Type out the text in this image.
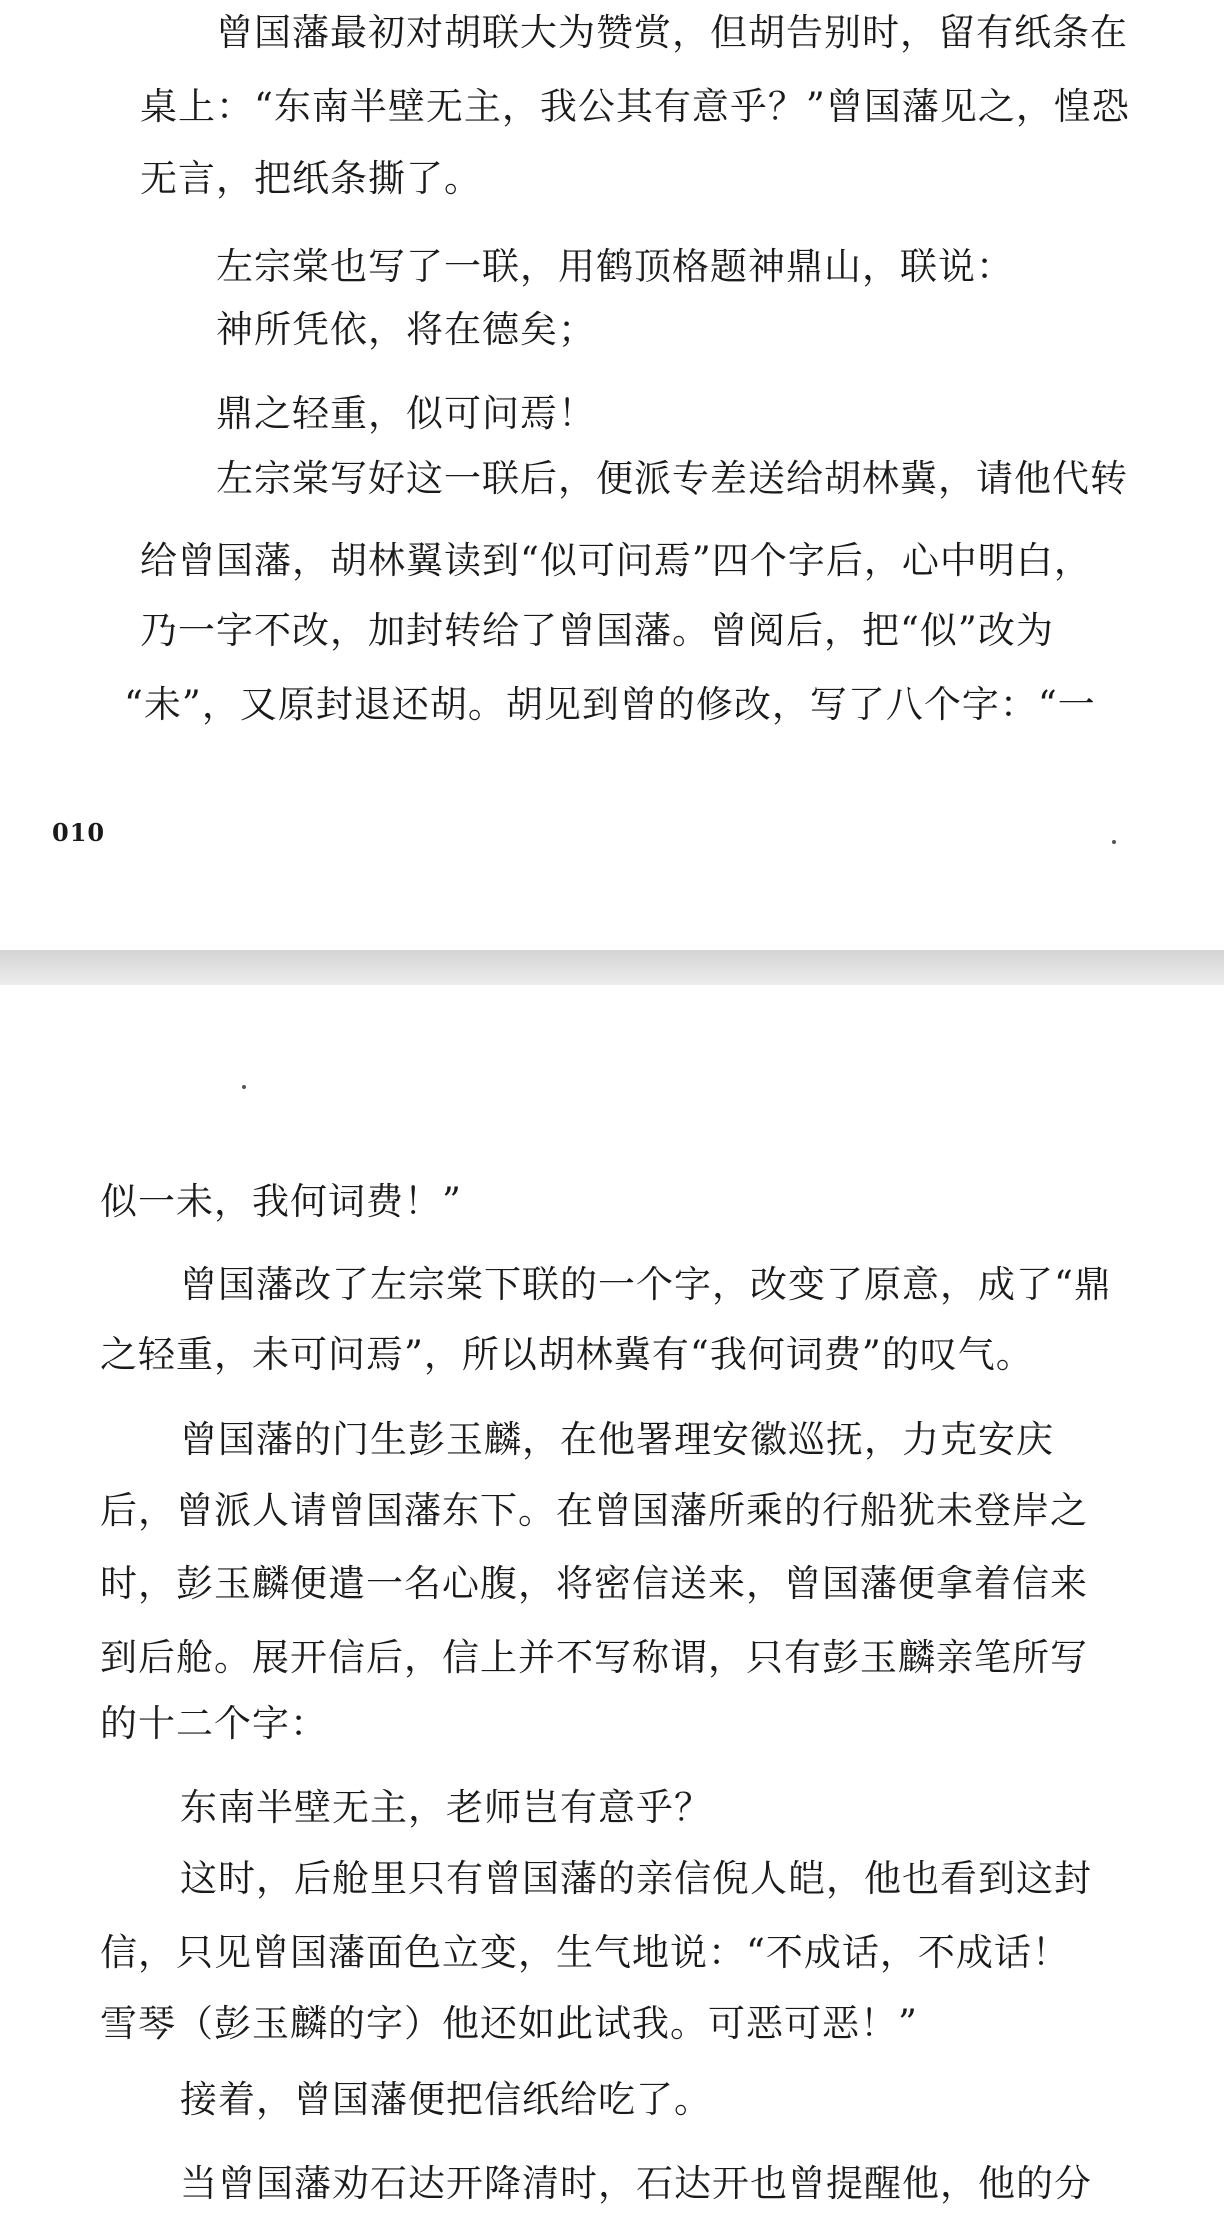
曾国藩最初对胡联大为赞赏，但胡告别时，留有纸条在
桌上：“东南半壁无主，我公其有意乎？”曾国藩见之，惶恐
无言，把纸条撕了。
左宗棠也写了一联，用鹤顶格题神鼎山，联说：
神所凭依，将在德矣；
鼎之轻重，似可问焉！
左宗棠写好这一联后，便派专差送给胡林冀，请他代转
给曾国藩，胡林翼读到“似可问焉”四个字后，心中明白，
乃一字不改，加封转给了曾国藩。曾阅后，把“似”改为
“未”，又原封退还胡。胡见到曾的修改，写了八个字：“一
010
似一未，我何词费！”
曾国藩改了左宗棠下联的一个字，改变了原意，成了“鼎
之轻重，未可问焉”，所以胡林冀有“我何词费”的叹气。
曾国藩的门生彭玉麟，在他署理安徽巡抚，力克安庆
后，曾派人请曾国藩东下。在曾国藩所乘的行船犹未登岸之
时，彭玉麟便遣一名心腹，将密信送来，曾国藩便拿着信来
到后舱。展开信后，信上并不写称谓，只有彭玉麟亲笔所写
的十二个字：
东南半壁无主，老师岂有意乎？
这时，后舱里只有曾国藩的亲信倪人皑，他也看到这封
信，只见曾国藩面色立变，生气地说：“不成话，不成话！
雪琴（彭玉麟的字）他还如此试我。可恶可恶！”
接着，曾国藩便把信纸给吃了。
当曾国藩劝石达开降清时，石达开也曾提醒他，他的分
